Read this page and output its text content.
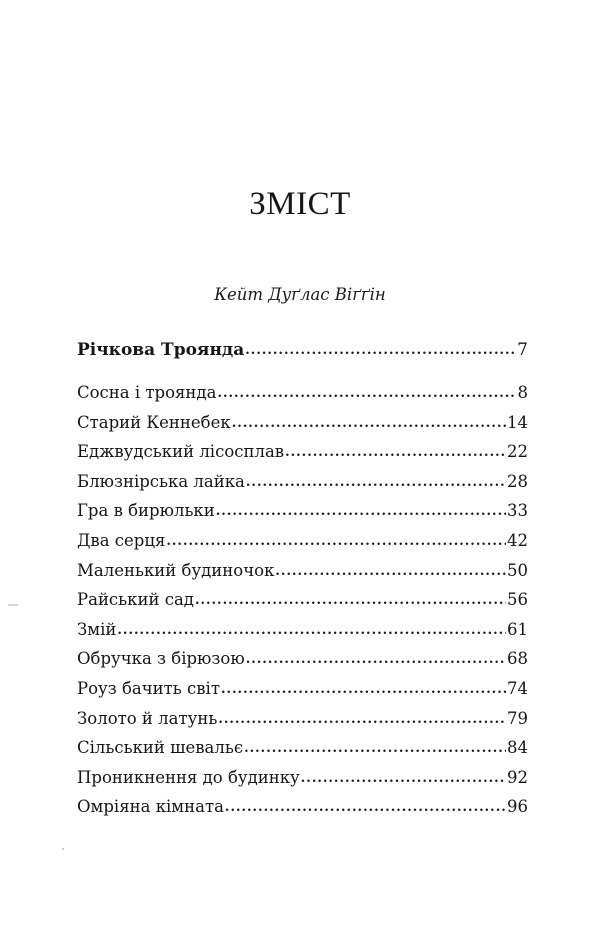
ЗМІСТ
Кейт Дуґлас Віґґін
Річкова Троянда .....	7
Сосна і троянда .....	8
Старий Кеннебек .....	14
Еджвудський лісосплав .....	22
Блюзнірська лайка .....	28
Гра в бирюльки .....	33
Два серця .....	42
Маленький будиночок .....	50
Райський сад .....	56
Змій .....	61
Обручка з бірюзою .....	68
Роуз бачить світ .....	74
Золото й латунь .....	79
Сільський шевальє .....	84
Проникнення до будинку .....	92
Омріяна кімната .....	96
